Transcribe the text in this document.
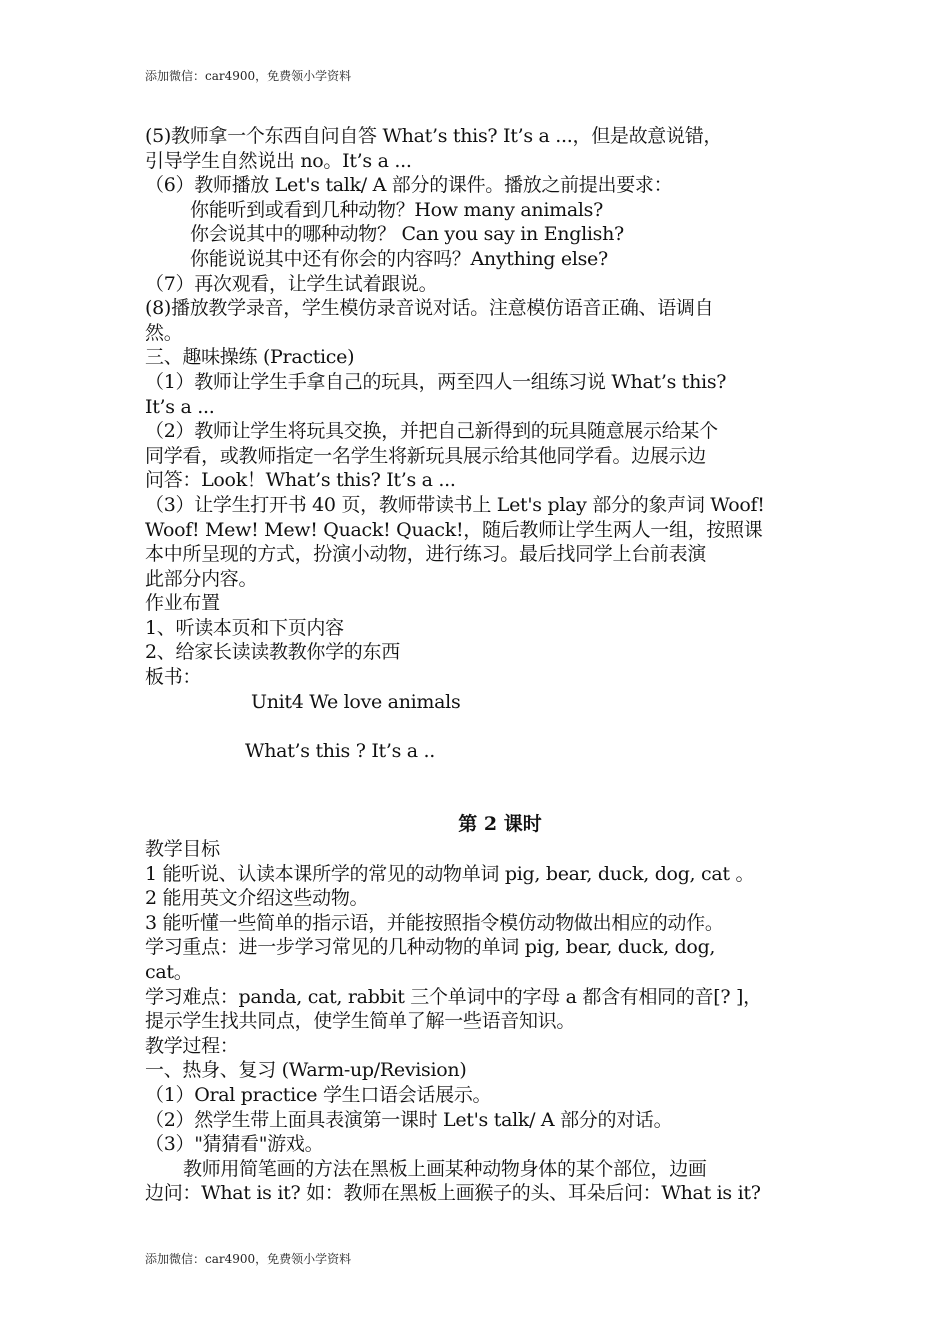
添加微信：car4900，免费领小学资料
(5)教师拿一个东西自问自答 What’s this? It’s a ...，但是故意说错，
引导学生自然说出 no。It’s a ...
（6）教师播放 Let's talk/ A 部分的课件。播放之前提出要求：
你能听到或看到几种动物？How many animals?
你会说其中的哪种动物？ Can you say in English?
你能说说其中还有你会的内容吗？Anything else?
（7）再次观看，让学生试着跟说。
(8)播放教学录音，学生模仿录音说对话。注意模仿语音正确、语调自
然。
三、趣味操练 (Practice)
（1）教师让学生手拿自己的玩具，两至四人一组练习说 What’s this?
It’s a ...
（2）教师让学生将玩具交换，并把自己新得到的玩具随意展示给某个
同学看，或教师指定一名学生将新玩具展示给其他同学看。边展示边
问答：Look！What’s this? It’s a ...
（3）让学生打开书 40 页，教师带读书上 Let's play 部分的象声词 Woof!
Woof! Mew! Mew! Quack! Quack!，随后教师让学生两人一组，按照课
本中所呈现的方式，扮演小动物，进行练习。最后找同学上台前表演
此部分内容。
作业布置
1、听读本页和下页内容
2、给家长读读教教你学的东西
板书：
Unit4 We love animals
What’s this ? It’s a ..
第 2 课时
教学目标
1 能听说、认读本课所学的常见的动物单词 pig, bear, duck, dog, cat 。
2 能用英文介绍这些动物。
3 能听懂一些简单的指示语，并能按照指令模仿动物做出相应的动作。
学习重点：进一步学习常见的几种动物的单词 pig, bear, duck, dog,
cat。
学习难点：panda, cat, rabbit 三个单词中的字母 a 都含有相同的音[? ]，
提示学生找共同点，使学生简单了解一些语音知识。
教学过程：
一、热身、复习 (Warm-up/Revision)
（1）Oral practice 学生口语会话展示。
（2）然学生带上面具表演第一课时 Let's talk/ A 部分的对话。
（3）"猜猜看"游戏。
教师用简笔画的方法在黑板上画某种动物身体的某个部位，边画
边问：What is it? 如：教师在黑板上画猴子的头、耳朵后问：What is it?
添加微信：car4900，免费领小学资料
